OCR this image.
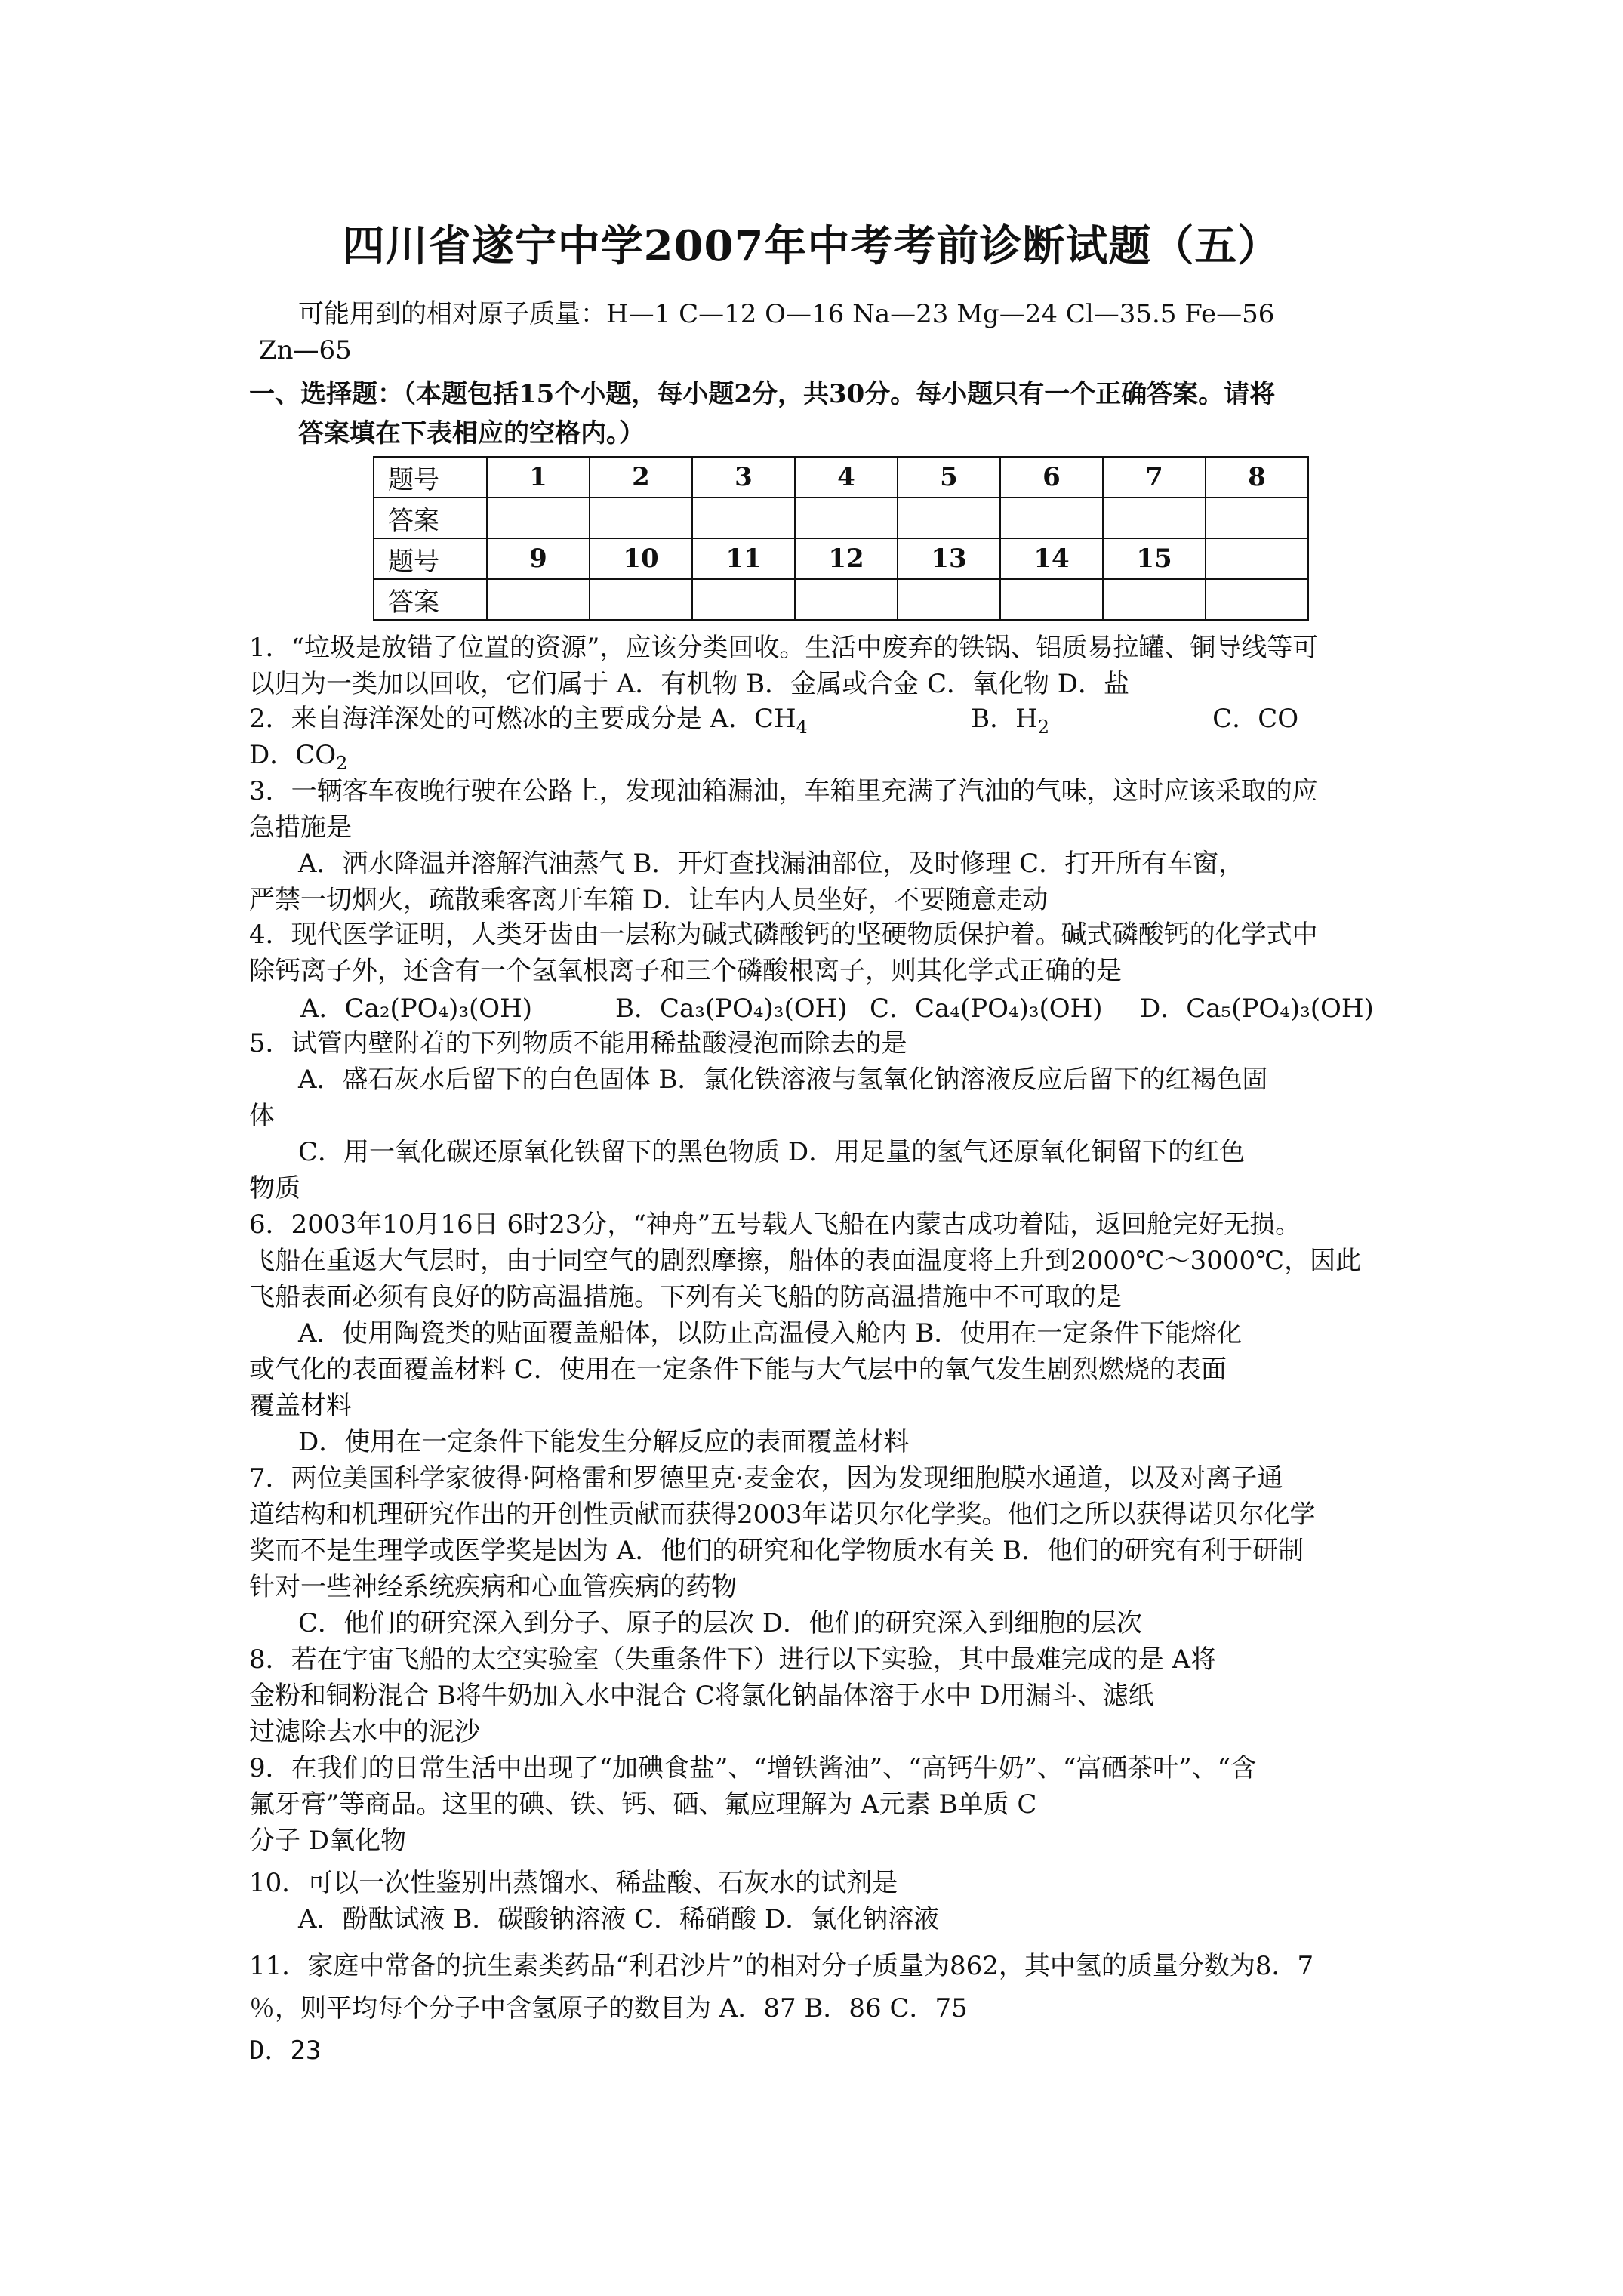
四川省遂宁中学2007年中考考前诊断试题（五）
可能用到的相对原子质量：H—1 C—12 O—16 Na—23 Mg—24 Cl—35.5 Fe—56
Zn—65
一、选择题：（本题包括15个小题，每小题2分，共30分。每小题只有一个正确答案。请将
答案填在下表相应的空格内。）
题号	1	2	3	4	5	6	7	8
答案								
题号	9	10	11	12	13	14	15	
答案								
1．“垃圾是放错了位置的资源”，应该分类回收。生活中废弃的铁锅、铝质易拉罐、铜导线等可
以归为一类加以回收，它们属于 A．有机物 B．金属或合金 C．氧化物 D．盐
2．来自海洋深处的可燃冰的主要成分是 A．$CH_4$                    B．$H_2$                    C．CO
D．$CO_2$
3．一辆客车夜晚行驶在公路上，发现油箱漏油，车箱里充满了汽油的气味，这时应该采取的应
急措施是
A．洒水降温并溶解汽油蒸气 B．开灯查找漏油部位，及时修理 C．打开所有车窗，
严禁一切烟火，疏散乘客离开车箱 D．让车内人员坐好，不要随意走动
4．现代医学证明，人类牙齿由一层称为碱式磷酸钙的坚硬物质保护着。碱式磷酸钙的化学式中
除钙离子外，还含有一个氢氧根离子和三个磷酸根离子，则其化学式正确的是
A．Ca₂(PO₄)₃(OH)	B．Ca₃(PO₄)₃(OH) C．Ca₄(PO₄)₃(OH) D．Ca₅(PO₄)₃(OH)
5．试管内壁附着的下列物质不能用稀盐酸浸泡而除去的是
A．盛石灰水后留下的白色固体 B．氯化铁溶液与氢氧化钠溶液反应后留下的红褐色固
体
C．用一氧化碳还原氧化铁留下的黑色物质 D．用足量的氢气还原氧化铜留下的红色
物质
6．2003年10月16日 6时23分，“神舟”五号载人飞船在内蒙古成功着陆，返回舱完好无损。
飞船在重返大气层时，由于同空气的剧烈摩擦，船体的表面温度将上升到2000℃～3000℃，因此
飞船表面必须有良好的防高温措施。下列有关飞船的防高温措施中不可取的是
A．使用陶瓷类的贴面覆盖船体，以防止高温侵入舱内 B．使用在一定条件下能熔化
或气化的表面覆盖材料 C．使用在一定条件下能与大气层中的氧气发生剧烈燃烧的表面
覆盖材料
D．使用在一定条件下能发生分解反应的表面覆盖材料
7．两位美国科学家彼得·阿格雷和罗德里克·麦金农，因为发现细胞膜水通道，以及对离子通
道结构和机理研究作出的开创性贡献而获得2003年诺贝尔化学奖。他们之所以获得诺贝尔化学
奖而不是生理学或医学奖是因为 A．他们的研究和化学物质水有关 B．他们的研究有利于研制
针对一些神经系统疾病和心血管疾病的药物
C．他们的研究深入到分子、原子的层次 D．他们的研究深入到细胞的层次
8．若在宇宙飞船的太空实验室（失重条件下）进行以下实验，其中最难完成的是 A将
金粉和铜粉混合 B将牛奶加入水中混合 C将氯化钠晶体溶于水中 D用漏斗、滤纸
过滤除去水中的泥沙
9．在我们的日常生活中出现了“加碘食盐”、“增铁酱油”、“高钙牛奶”、“富硒茶叶”、“含
氟牙膏”等商品。这里的碘、铁、钙、硒、氟应理解为 A元素 B单质 C
分子 D氧化物
10．可以一次性鉴别出蒸馏水、稀盐酸、石灰水的试剂是
A．酚酞试液 B．碳酸钠溶液 C．稀硝酸 D．氯化钠溶液
11．家庭中常备的抗生素类药品“利君沙片”的相对分子质量为862，其中氢的质量分数为8．7
％，则平均每个分子中含氢原子的数目为 A．87 B．86 C．75
D．23
